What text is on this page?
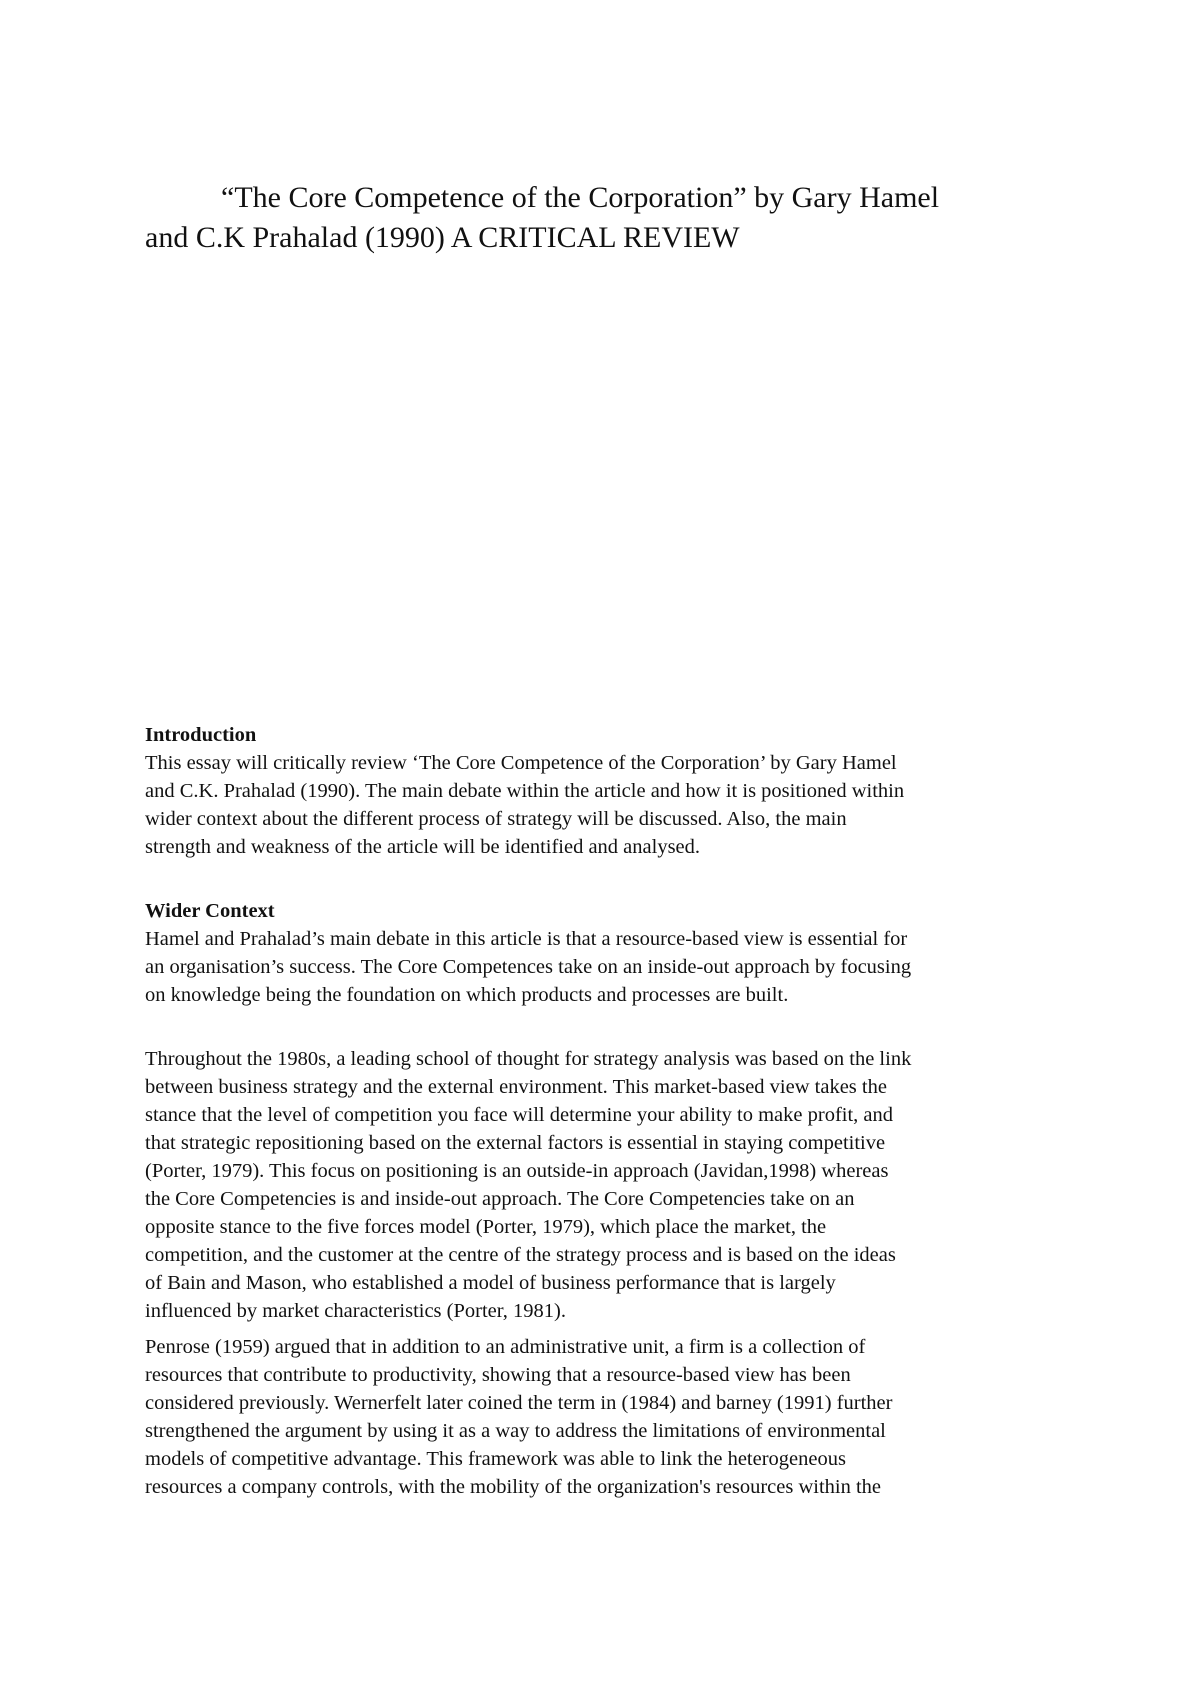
“The Core Competence of the Corporation” by Gary Hamel
and C.K Prahalad (1990) A CRITICAL REVIEW
Introduction

This essay will critically review ‘The Core Competence of the Corporation’ by Gary Hamel
and C.K. Prahalad (1990). The main debate within the article and how it is positioned within
wider context about the different process of strategy will be discussed. Also, the main
strength and weakness of the article will be identified and analysed.

Wider Context

Hamel and Prahalad’s main debate in this article is that a resource-based view is essential for
an organisation’s success. The Core Competences take on an inside-out approach by focusing
on knowledge being the foundation on which products and processes are built.

Throughout the 1980s, a leading school of thought for strategy analysis was based on the link
between business strategy and the external environment. This market-based view takes the
stance that the level of competition you face will determine your ability to make profit, and
that strategic repositioning based on the external factors is essential in staying competitive
(Porter, 1979). This focus on positioning is an outside-in approach (Javidan,1998) whereas
the Core Competencies is and inside-out approach. The Core Competencies take on an
opposite stance to the five forces model (Porter, 1979), which place the market, the
competition, and the customer at the centre of the strategy process and is based on the ideas
of Bain and Mason, who established a model of business performance that is largely
influenced by market characteristics (Porter, 1981).

Penrose (1959) argued that in addition to an administrative unit, a firm is a collection of
resources that contribute to productivity, showing that a resource-based view has been
considered previously. Wernerfelt later coined the term in (1984) and barney (1991) further
strengthened the argument by using it as a way to address the limitations of environmental
models of competitive advantage. This framework was able to link the heterogeneous
resources a company controls, with the mobility of the organization's resources within the
